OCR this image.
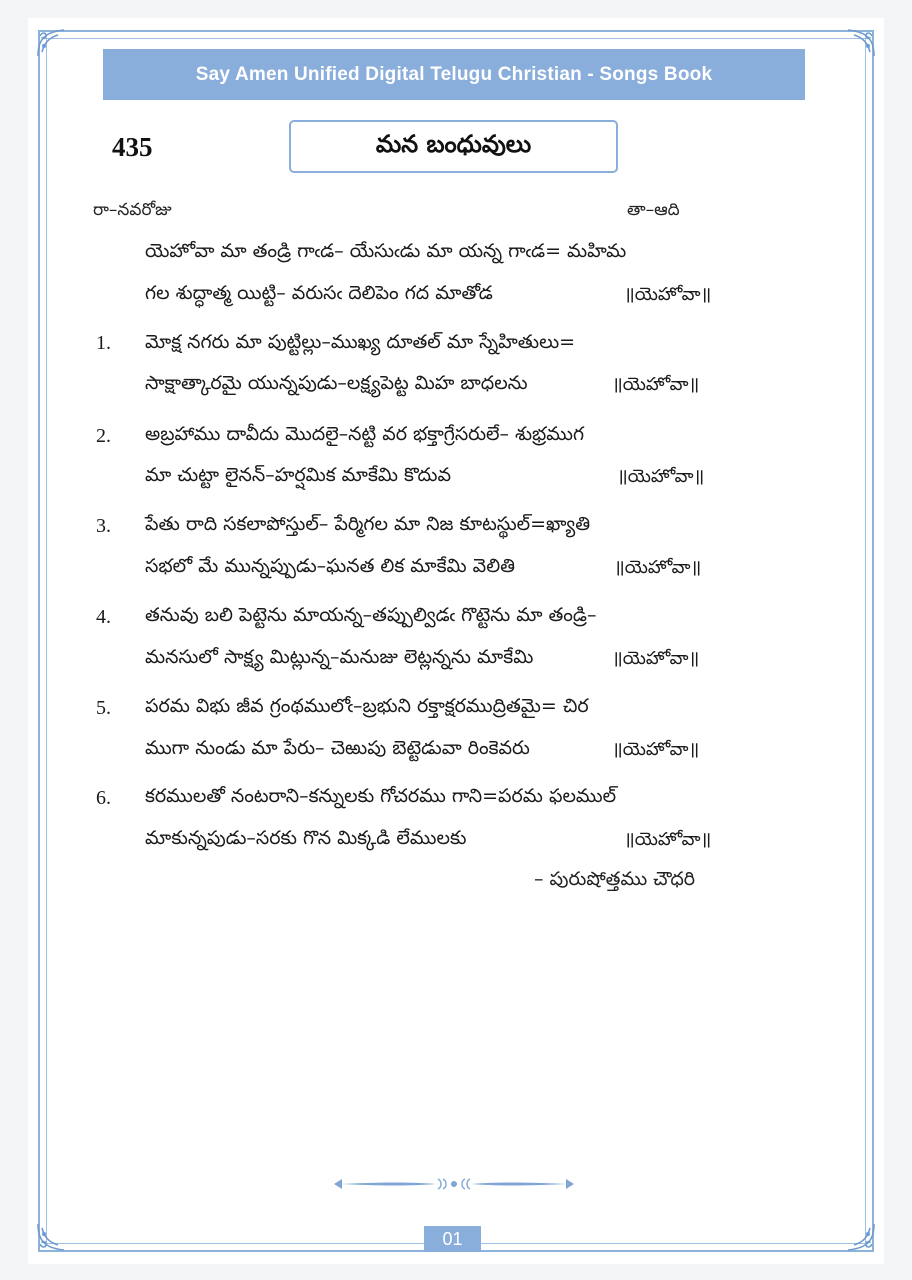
Say Amen Unified Digital Telugu Christian - Songs Book
435	మన బంధువులు
రా–నవరోజు	తా–ఆది
యెహోవా మా తండ్రి గాఁడ– యేసుఁడు మా యన్న గాఁడ= మహిమ
గల శుద్ధాత్మ యిట్టి– వరుసఁ దెలిపెం గద మాతోడ	॥యెహోవా॥
1. మోక్ష నగరు మా పుట్టిల్లు–ముఖ్య దూతల్ మా స్నేహితులు=
సాక్షాత్కారమై యున్నపుడు–లక్ష్యపెట్ట మిహ బాధలను	॥యెహోవా॥
2. అబ్రహాము దావీదు మొదలై–నట్టి వర భక్తాగ్రేసరులే– శుభ్రముగ
మా చుట్టా లైనన్–హర్షమిక మాకేమి కొదువ	॥యెహోవా॥
3. పేతు రాది సకలాపోస్తుల్– పేర్మిగల మా నిజ కూటస్థుల్=ఖ్యాతి
సభలో మే మున్నప్పుడు–ఘనత లిక మాకేమి వెలితి	॥యెహోవా॥
4. తనువు బలి పెట్టెను మాయన్న–తప్పుల్విడఁ గొట్టెను మా తండ్రి–
మనసులో సాక్ష్య మిట్లున్న–మనుజు లెట్లన్నను మాకేమి	॥యెహోవా॥
5. పరమ విభు జీవ గ్రంథములోఁ–బ్రభుని రక్తాక్షరముద్రితమై= చిర
ముగా నుండు మా పేరు– చెఱుపు బెట్టెడువా రింకెవరు	॥యెహోవా॥
6. కరములతో నంటరాని–కన్నులకు గోచరము గాని=పరమ ఫలముల్
మాకున్నపుడు–సరకు గొన మిక్కడి లేములకు	॥యెహోవా॥
– పురుషోత్తము చౌధరి
01
